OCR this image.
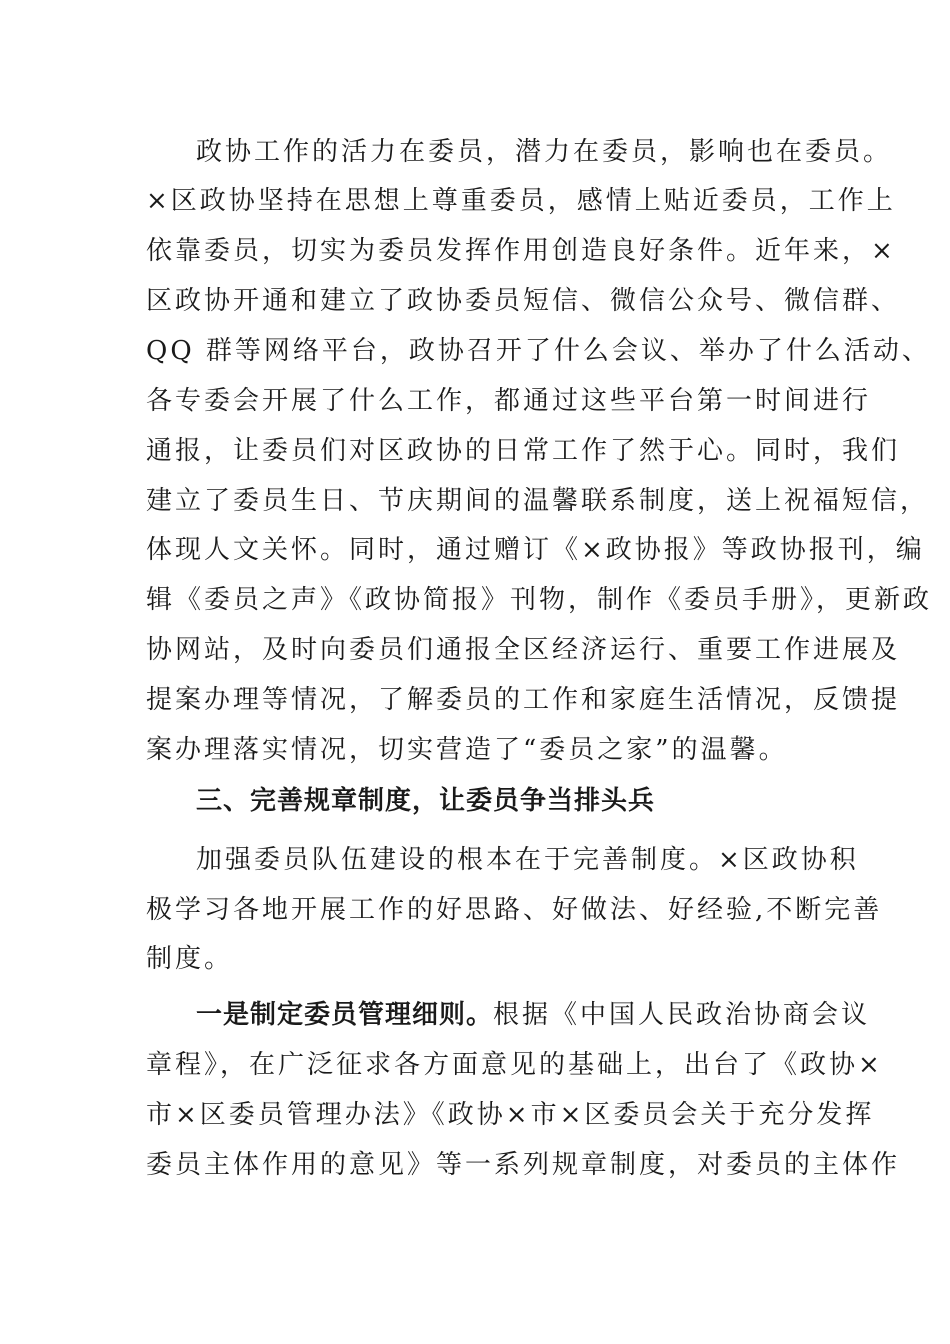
政协工作的活力在委员，潜力在委员，影响也在委员。
×区政协坚持在思想上尊重委员，感情上贴近委员，工作上
依靠委员，切实为委员发挥作用创造良好条件。近年来，×
区政协开通和建立了政协委员短信、微信公众号、微信群、
QQ 群等网络平台，政协召开了什么会议、举办了什么活动、
各专委会开展了什么工作，都通过这些平台第一时间进行
通报，让委员们对区政协的日常工作了然于心。同时，我们
建立了委员生日、节庆期间的温馨联系制度，送上祝福短信，
体现人文关怀。同时，通过赠订《×政协报》等政协报刊，编
辑《委员之声》《政协简报》刊物，制作《委员手册》，更新政
协网站，及时向委员们通报全区经济运行、重要工作进展及
提案办理等情况，了解委员的工作和家庭生活情况，反馈提
案办理落实情况，切实营造了“委员之家”的温馨。
三、完善规章制度，让委员争当排头兵
加强委员队伍建设的根本在于完善制度。×区政协积
极学习各地开展工作的好思路、好做法、好经验,不断完善
制度。
一是制定委员管理细则。根据《中国人民政治协商会议
章程》，在广泛征求各方面意见的基础上，出台了《政协×
市×区委员管理办法》《政协×市×区委员会关于充分发挥
委员主体作用的意见》等一系列规章制度，对委员的主体作
